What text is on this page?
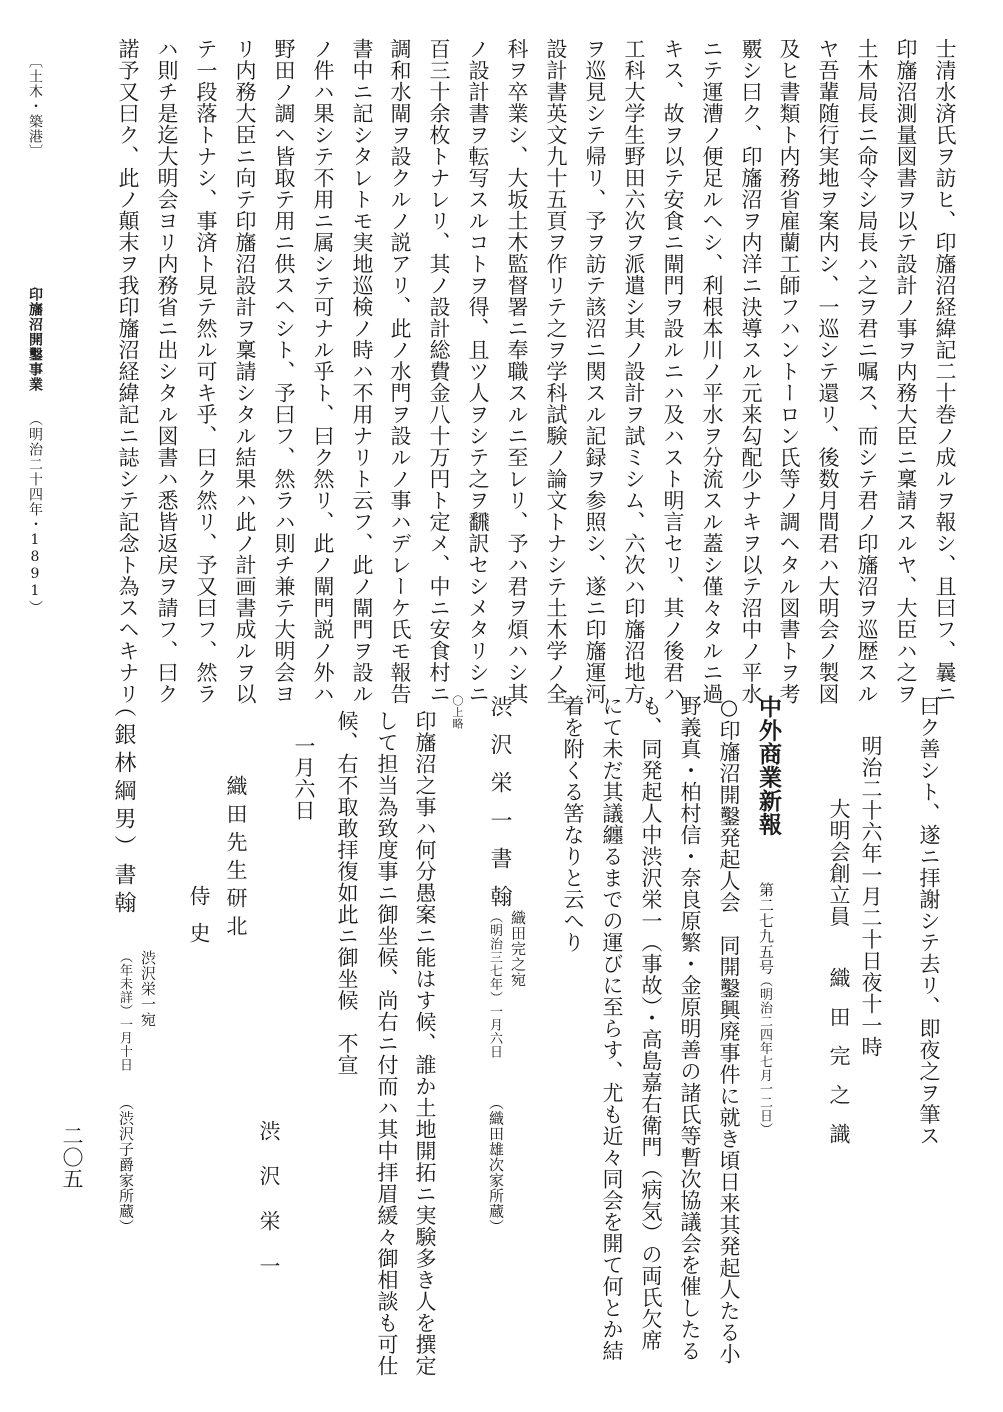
〔土木・築港〕
印旛沼開鑿事業
（明治二十四年・1891）	士清水済氏ヲ訪ヒ、印旛沼経緯記二十巻ノ成ルヲ報シ、且曰フ、曩ニ
印旛沼測量図書ヲ以テ設計ノ事ヲ内務大臣ニ稟請スルヤ、大臣ハ之ヲ
土木局長ニ命令シ局長ハ之ヲ君ニ嘱ス、而シテ君ノ印旛沼ヲ巡歴スル
ヤ吾輩随行実地ヲ案内シ、一巡シテ還リ、後数月間君ハ大明会ノ製図
及ヒ書類ト内務省雇蘭工師フハントーロン氏等ノ調ヘタル図書トヲ考
覈シ曰ク、印旛沼ヲ内洋ニ決導スル元来勾配少ナキヲ以テ沼中ノ平水
ニテ運漕ノ便足ルヘシ、利根本川ノ平水ヲ分流スル蓋シ僅々タルニ過
キス、故ヲ以テ安食ニ閘門ヲ設ルニハ及ハスト明言セリ、其ノ後君ハ
工科大学生野田六次ヲ派遣シ其ノ設計ヲ試ミシム、六次ハ印旛沼地方
ヲ巡見シテ帰リ、予ヲ訪テ該沼ニ関スル記録ヲ参照シ、遂ニ印旛運河
設計書英文九十五頁ヲ作リテ之ヲ学科試験ノ論文トナシテ土木学ノ全
科ヲ卒業シ、大坂土木監督署ニ奉職スルニ至レリ、予ハ君ヲ煩ハシ其
ノ設計書ヲ転写スルコトヲ得、且ツ人ヲシテ之ヲ飜訳セシメタリシニ
百三十余枚トナレリ、其ノ設計総費金八十万円ト定メ、中ニ安食村ニ
調和水閘ヲ設クルノ説アリ、此ノ水門ヲ設ルノ事ハデレーケ氏モ報告
書中ニ記シタレトモ実地巡検ノ時ハ不用ナリト云フ、此ノ閘門ヲ設ル
ノ件ハ果シテ不用ニ属シテ可ナル乎ト、曰ク然リ、此ノ閘門説ノ外ハ
野田ノ調ヘ皆取テ用ニ供スヘシト、予曰フ、然ラハ則チ兼テ大明会ヨ
リ内務大臣ニ向テ印旛沼設計ヲ稟請シタル結果ハ此ノ計画書成ルヲ以
テ一段落トナシ、事済ト見テ然ル可キ乎、曰ク然リ、予又曰フ、然ラ
ハ則チ是迄大明会ヨリ内務省ニ出シタル図書ハ悉皆返戻ヲ請フ、曰ク
諾予又曰ク、此ノ顛末ヲ我印旛沼経緯記ニ誌シテ記念ト為スヘキナリ
曰ク善シト、遂ニ拝謝シテ去リ、即夜之ヲ筆ス
明治二十六年一月二十日夜十一時
大明会創立員
織田完之識
中外商業新報
第二七九五号
（明治二四年七月一二日）
○印旛沼開鑿発起人会　同開鑿興廃事件に就き頃日来其発起人たる小
野義真・柏村信・奈良原繁・金原明善の諸氏等暫次協議会を催したる
も、同発起人中渋沢栄一（事故）・高島嘉右衛門（病気）の両氏欠席
にて未だ其議纏るまでの運びに至らす、尤も近々同会を開て何とか結
着を附くる筈なりと云へり
渋沢栄一書翰
織田完之宛
（明治三七年）一月六日
（織田雄次家所蔵）
〇上略
印旛沼之事ハ何分愚案ニ能はす候、誰か土地開拓ニ実験多き人を撰定
して担当為致度事ニ御坐候、尚右ニ付而ハ其中拝眉緩々御相談も可仕
候、右不取敢拝復如此ニ御坐候　不宣
一月六日
渋沢栄一
織田先生研北
侍史
（銀林綱男）書翰
渋沢栄一宛
（年未詳）一月十日
（渋沢子爵家所蔵）
二〇五
